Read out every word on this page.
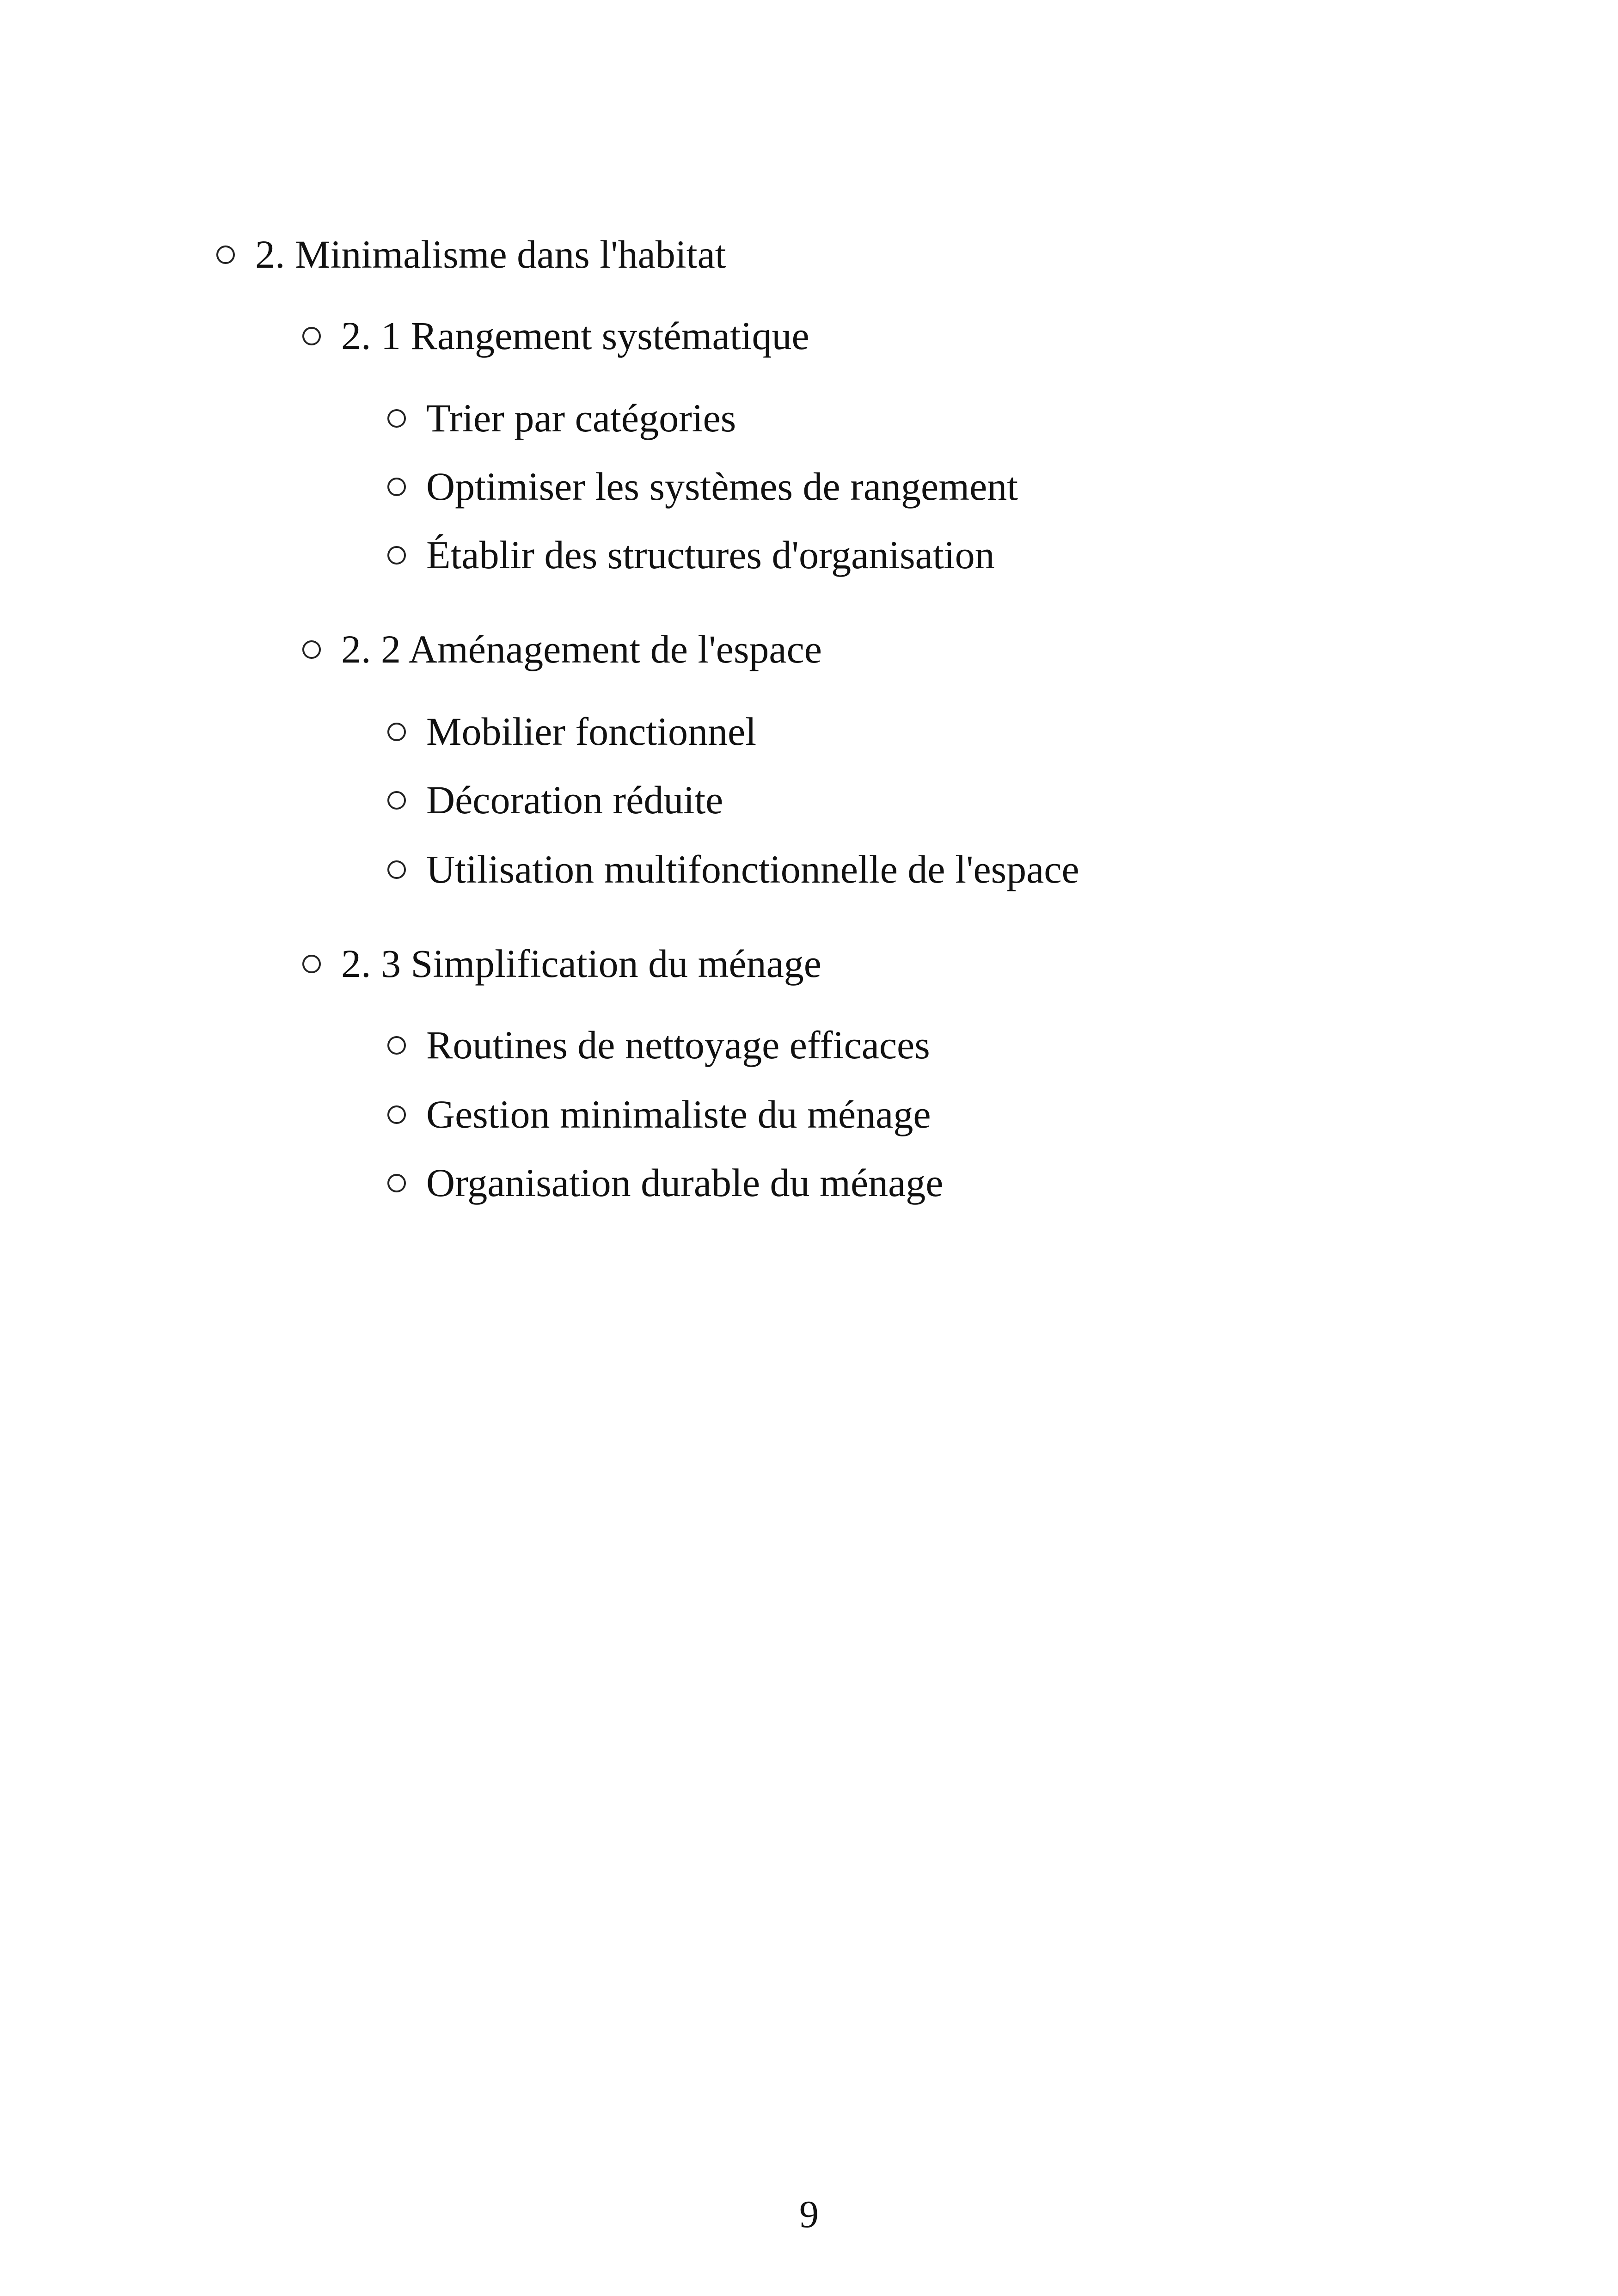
2. Minimalisme dans l'habitat
2. 1 Rangement systématique
Trier par catégories
Optimiser les systèmes de rangement
Établir des structures d'organisation
2. 2 Aménagement de l'espace
Mobilier fonctionnel
Décoration réduite
Utilisation multifonctionnelle de l'espace
2. 3 Simplification du ménage
Routines de nettoyage efficaces
Gestion minimaliste du ménage
Organisation durable du ménage
9
